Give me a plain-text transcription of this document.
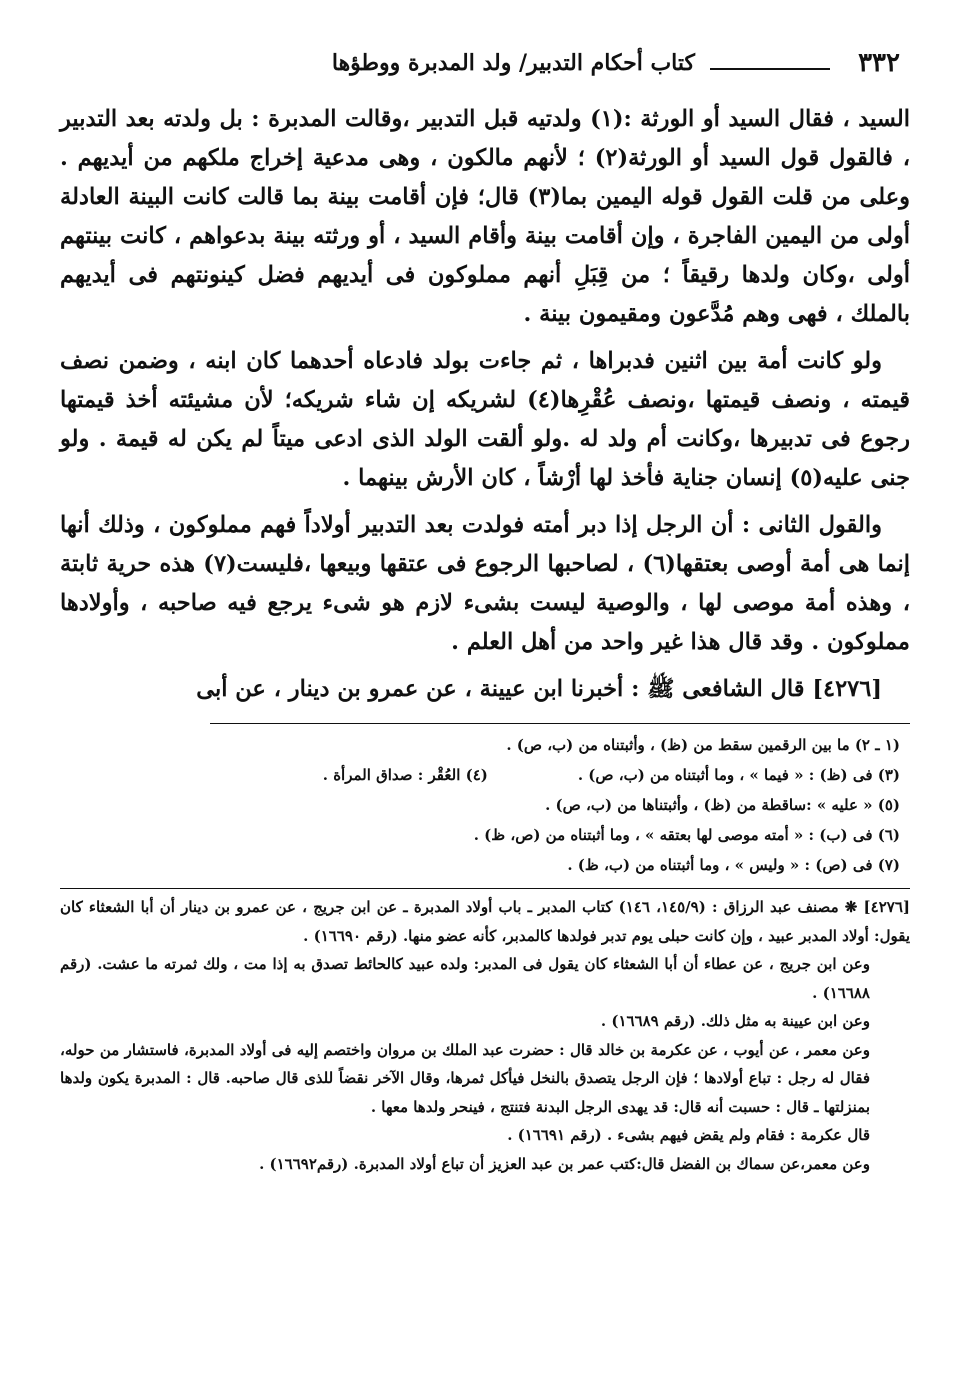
٣٣٢
كتاب أحكام التدبير/ ولد المدبرة ووطؤها

السيد ، فقال السيد أو الورثة :(١) ولدتيه قبل التدبير ،وقالت المدبرة : بل ولدته بعد التدبير ، فالقول قول السيد أو الورثة(٢) ؛ لأنهم مالكون ، وهى مدعية إخراج ملكهم من أيديهم . وعلى من قلت القول قوله اليمين بما(٣) قال؛ فإن أقامت بينة بما قالت كانت البينة العادلة أولى من اليمين الفاجرة ، وإن أقامت بينة وأقام السيد ، أو ورثته بينة بدعواهم ، كانت بينتهم أولى ،وكان ولدها رقيقاً ؛ من قِبَلِ أنهم مملوكون فى أيديهم فضل كينونتهم فى أيديهم بالملك ، فهى وهم مُدَّعون ومقيمون بينة .

ولو كانت أمة بين اثنين فدبراها ، ثم جاءت بولد فادعاه أحدهما كان ابنه ، وضمن نصف قيمته ، ونصف قيمتها ،ونصف عُقْرِها(٤) لشريكه إن شاء شريكه؛ لأن مشيئته أخذ قيمتها رجوع فى تدبيرها ،وكانت أم ولد له .ولو ألقت الولد الذى ادعى ميتاً لم يكن له قيمة . ولو جنى عليه(٥) إنسان جناية فأخذ لها أرْشاً ، كان الأرش بينهما .

والقول الثانى : أن الرجل إذا دبر أمته فولدت بعد التدبير أولاداً فهم مملوكون ، وذلك أنها إنما هى أمة أوصى بعتقها(٦) ، لصاحبها الرجوع فى عتقها وبيعها ،فليست(٧) هذه حرية ثابتة ، وهذه أمة موصى لها ، والوصية ليست بشىء لازم هو شىء يرجع فيه صاحبه ، وأولادها مملوكون . وقد قال هذا غير واحد من أهل العلم .

[٤٢٧٦] قال الشافعى ﷺ : أخبرنا ابن عيينة ، عن عمرو بن دينار ، عن أبى

(١ ـ ٢) ما بين الرقمين سقط من (ظ) ، وأثبتناه من (ب، ص) .
(٣) فى (ظ) : « فيما » ، وما أثبتناه من (ب، ص) .
(٤) العُقْر : صداق المرأة .
(٥) « عليه » :ساقطة من (ظ) ، وأثبتناها من (ب، ص) .
(٦) فى (ب) : « أمته موصى لها بعتقه » ، وما أثبتناه من (ص، ظ) .
(٧) فى (ص) : « وليس » ، وما أثبتناه من (ب، ظ) .

[٤٢٧٦] ❋ مصنف عبد الرزاق : (١٤٥/٩، ١٤٦) كتاب المدبر ـ باب أولاد المدبرة ـ عن ابن جريج ، عن عمرو بن دينار أن أبا الشعثاء كان يقول: أولاد المدبر عبيد ، وإن كانت حبلى يوم تدبر فولدها كالمدبر، كأنه عضو منها. (رقم ١٦٦٩٠) .

وعن ابن جريج ، عن عطاء أن أبا الشعثاء كان يقول فى المدبر: ولده عبيد كالحائط تصدق به إذا مت ، ولك ثمرته ما عشت. (رقم ١٦٦٨٨) .

وعن ابن عيينة به مثل ذلك. (رقم ١٦٦٨٩) .

وعن معمر ، عن أيوب ، عن عكرمة بن خالد قال : حضرت عبد الملك بن مروان واختصم إليه فى أولاد المدبرة، فاستشار من حوله، فقال له رجل : تباع أولادها ؛ فإن الرجل يتصدق بالنخل فيأكل ثمرها، وقال الآخر نقضاً للذى قال صاحبه. قال : المدبرة يكون ولدها بمنزلتها ـ قال : حسبت أنه قال: قد يهدى الرجل البدنة فتنتج ، فينحر ولدها معها .

قال عكرمة : فقام ولم يقض فيهم بشىء . (رقم ١٦٦٩١) .

وعن معمر،عن سماك بن الفضل قال:كتب عمر بن عبد العزيز أن تباع أولاد المدبرة. (رقم١٦٦٩٢) .
